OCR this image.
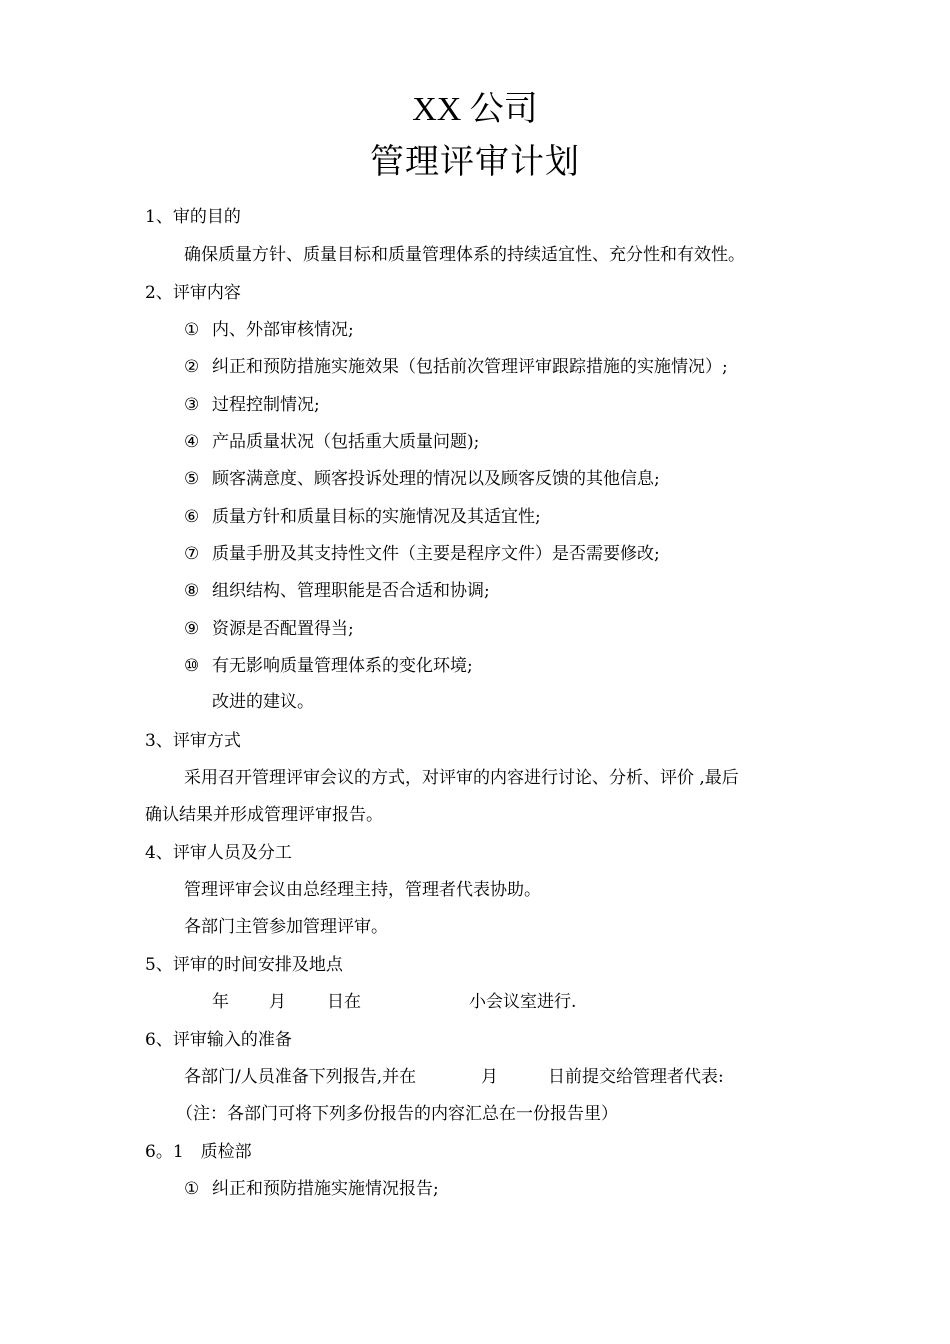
XX 公司
管理评审计划
1、审的目的
确保质量方针、质量目标和质量管理体系的持续适宜性、充分性和有效性。
2、评审内容
① 内、外部审核情况;
② 纠正和预防措施实施效果（包括前次管理评审跟踪措施的实施情况）;
③ 过程控制情况;
④ 产品质量状况（包括重大质量问题);
⑤ 顾客满意度、顾客投诉处理的情况以及顾客反馈的其他信息;
⑥ 质量方针和质量目标的实施情况及其适宜性;
⑦ 质量手册及其支持性文件（主要是程序文件）是否需要修改;
⑧ 组织结构、管理职能是否合适和协调;
⑨ 资源是否配置得当;
⑩ 有无影响质量管理体系的变化环境;
改进的建议。
3、评审方式
采用召开管理评审会议的方式，对评审的内容进行讨论、分析、评价 ,最后
确认结果并形成管理评审报告。
4、评审人员及分工
管理评审会议由总经理主持，管理者代表协助。
各部门主管参加管理评审。
5、评审的时间安排及地点
年 月 日在	小会议室进行.
6、评审输入的准备
各部门/人员准备下列报告,并在	月	日前提交给管理者代表:
（注：各部门可将下列多份报告的内容汇总在一份报告里）
6。1　质检部
① 纠正和预防措施实施情况报告;
